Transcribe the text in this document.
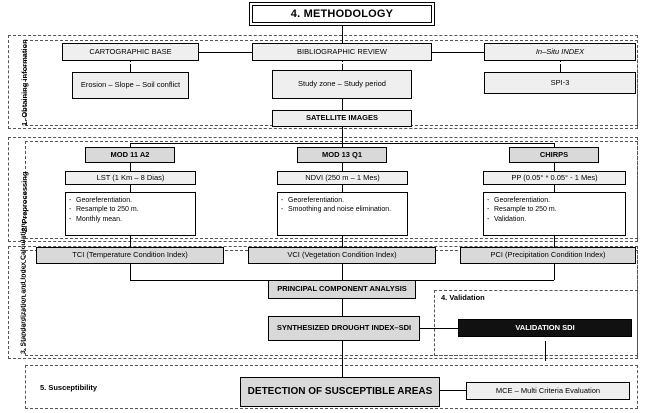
4. METHODOLOGY
1. Obtaining information
2. Preprocessing
3. Standardization and Index Calculation	4. Validation
5. Susceptibility
CARTOGRAPHIC BASE	BIBLIOGRAPHIC REVIEW	In–Situ INDEX
Erosion – Slope – Soil conflict	Study zone – Study period	SPI-3
SATELLITE IMAGES
MOD 11 A2	MOD 13 Q1	CHIRPS
LST (1 Km – 8 Dias)	NDVI (250 m – 1 Mes)	PP (0.05° * 0.05° - 1 Mes)
- Georeferentiation.
- Resample to 250 m.
- Monthly mean.
- Georeferentiation.
- Smoothing and noise elimination.
- Georeferentiation.
- Resample to 250 m.
- Validation.
TCI (Temperature Condition Index)	VCI (Vegetation Condition Index)	PCI (Precipitation Condition Index)
PRINCIPAL COMPONENT ANALYSIS
SYNTHESIZED DROUGHT INDEX–SDI	VALIDATION SDI
DETECTION OF SUSCEPTIBLE AREAS	MCE – Multi Criteria Evaluation
